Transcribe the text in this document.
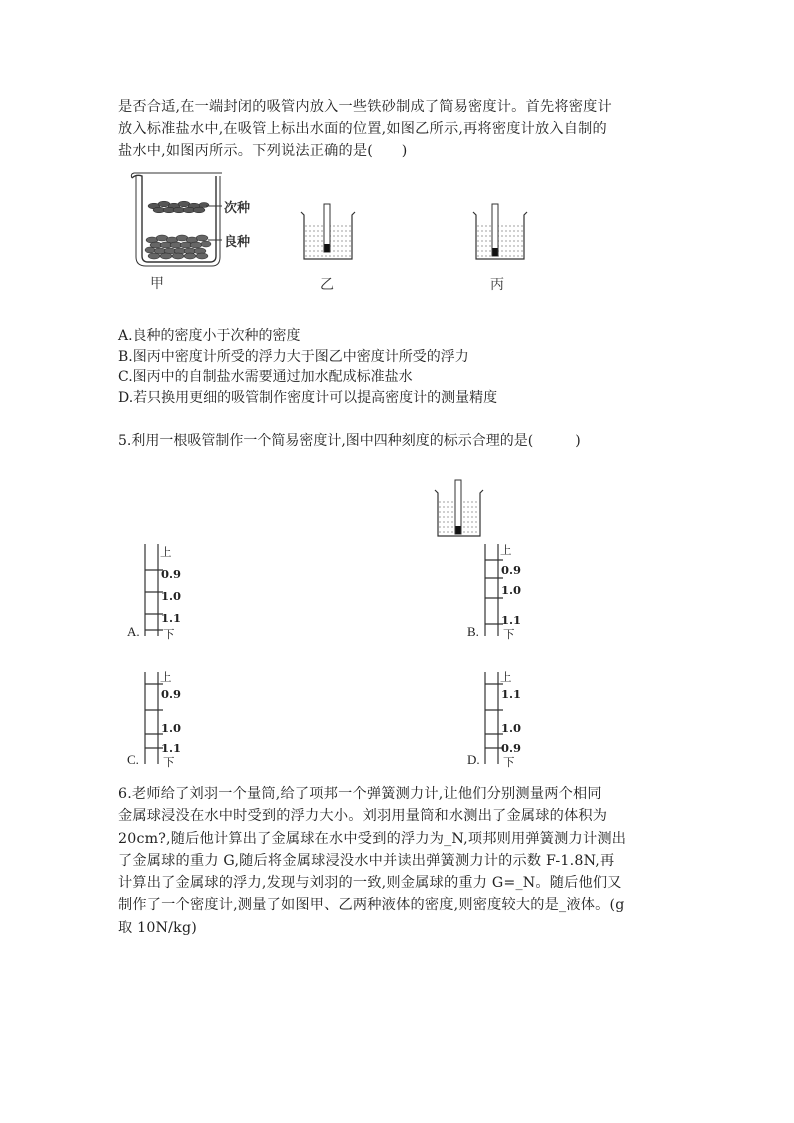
是否合适,在一端封闭的吸管内放入一些铁砂制成了简易密度计。首先将密度计
放入标准盐水中,在吸管上标出水面的位置,如图乙所示,再将密度计放入自制的
盐水中,如图丙所示。下列说法正确的是(　　)
次种
良种
甲	乙	丙
A.良种的密度小于次种的密度
B.图丙中密度计所受的浮力大于图乙中密度计所受的浮力
C.图丙中的自制盐水需要通过加水配成标准盐水
D.若只换用更细的吸管制作密度计可以提高密度计的测量精度
5.利用一根吸管制作一个简易密度计,图中四种刻度的标示合理的是(　　　)
上
0.9
1.0
1.1
下
A.
上
0.9
1.0
1.1
下
B.
上
0.9
1.0
1.1
下
C.
上
1.1
1.0
0.9
下
D.
6.老师给了刘羽一个量筒,给了项邦一个弹簧测力计,让他们分别测量两个相同
金属球浸没在水中时受到的浮力大小。刘羽用量筒和水测出了金属球的体积为
20cm?,随后他计算出了金属球在水中受到的浮力为_N,项邦则用弹簧测力计测出
了金属球的重力 G,随后将金属球浸没水中并读出弹簧测力计的示数 F-1.8N,再
计算出了金属球的浮力,发现与刘羽的一致,则金属球的重力 G=_N。随后他们又
制作了一个密度计,测量了如图甲、乙两种液体的密度,则密度较大的是_液体。(g
取 10N/kg)
